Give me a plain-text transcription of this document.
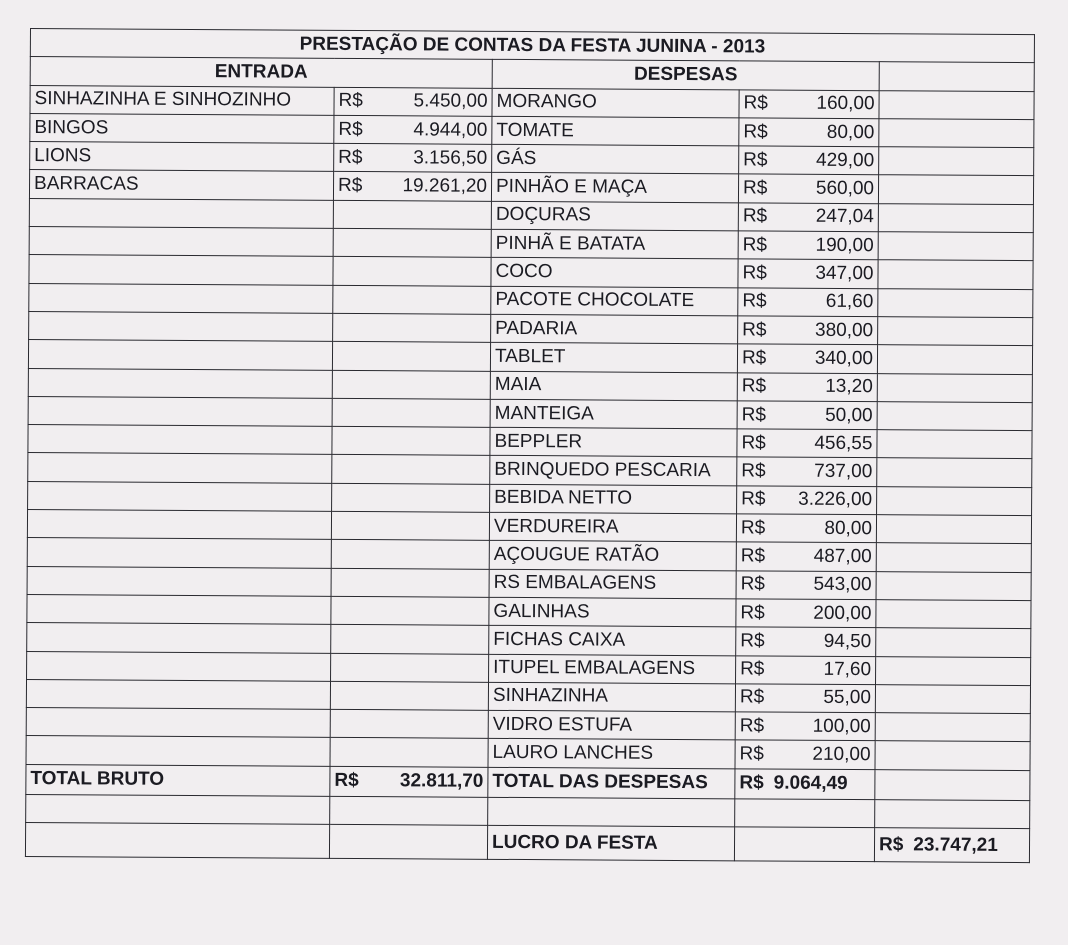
PRESTAÇÃO DE CONTAS DA FESTA JUNINA - 2013				
ENTRADA		DESPESAS		
SINHAZINHA E SINHOZINHO	R$ 5.450,00	MORANGO	R$ 160,00	

BINGOS	R$ 4.944,00	TOMATE	R$ 80,00	

LIONS	R$ 3.156,50	GÁS	R$ 429,00	

BARRACAS	R$ 19.261,20	PINHÃO E MAÇA	R$ 560,00	

		DOÇURAS	R$ 247,04	

		PINHÃ E BATATA	R$ 190,00	

		COCO	R$ 347,00	

		PACOTE CHOCOLATE	R$ 61,60	

		PADARIA	R$ 380,00	

		TABLET	R$ 340,00	

		MAIA	R$ 13,20	

		MANTEIGA	R$ 50,00	

		BEPPLER	R$ 456,55	

		BRINQUEDO PESCARIA	R$ 737,00	

		BEBIDA NETTO	R$ 3.226,00	

		VERDUREIRA	R$ 80,00	

		AÇOUGUE RATÃO	R$ 487,00	

		RS EMBALAGENS	R$ 543,00	

		GALINHAS	R$ 200,00	

		FICHAS CAIXA	R$ 94,50	

		ITUPEL EMBALAGENS	R$ 17,60	

		SINHAZINHA	R$ 55,00	

		VIDRO ESTUFA	R$ 100,00	

		LAURO LANCHES	R$ 210,00	

TOTAL BRUTO	R$ 32.811,70	TOTAL DAS DESPESAS	R$ 9.064,49	

		LUCRO DA FESTA		R$ 23.747,21
